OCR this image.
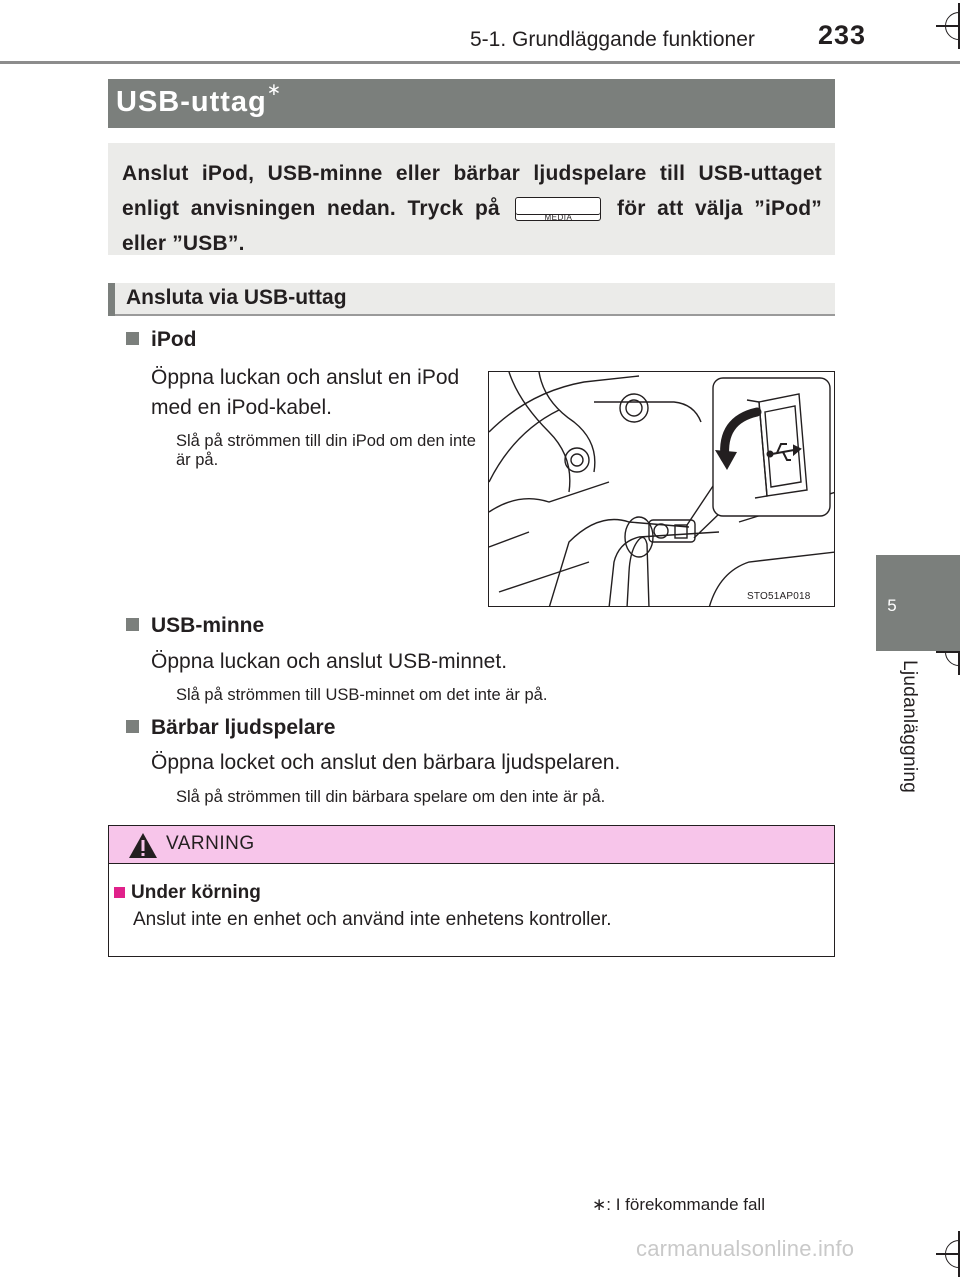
5-1. Grundläggande funktioner 233
5
Ljudanläggning
USB-uttag∗
Anslut iPod, USB-minne eller bärbar ljudspelare till USB-uttaget enligt anvisningen nedan. Tryck på	MEDIA	för att välja ”iPod” eller ”USB”.
Ansluta via USB-uttag
iPod
Öppna luckan och anslut en iPod med en iPod-kabel.
Slå på strömmen till din iPod om den inte är på.
USB-minne
Öppna luckan och anslut USB-minnet.
Slå på strömmen till USB-minnet om det inte är på.
Bärbar ljudspelare
Öppna locket och anslut den bärbara ljudspelaren.
Slå på strömmen till din bärbara spelare om den inte är på.
STO51AP018
VARNING
Under körning
Anslut inte en enhet och använd inte enhetens kontroller.
∗: I förekommande fall
carmanualsonline.info
